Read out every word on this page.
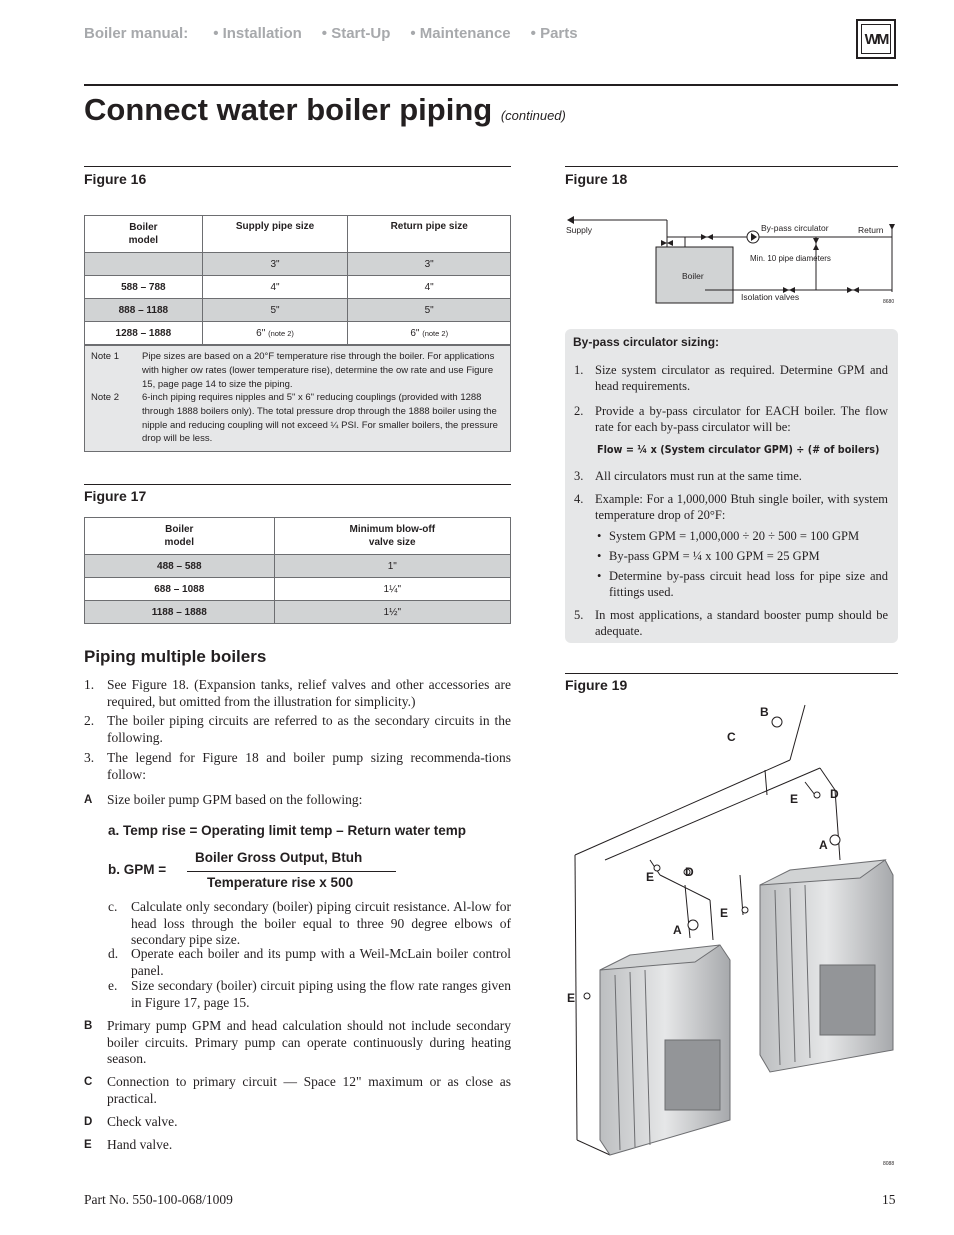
Boiler manual: • Installation • Start-Up • Maintenance • Parts	WM
Connect water boiler piping (continued)
Figure 16
Boiler
model	Supply pipe size	Return pipe size
	3"	3"
588 – 788	4"	4"
888 – 1188	5"	5"
1288 – 1888	6" (note 2)	6" (note 2)
Note 1 Pipe sizes are based on a 20°F temperature rise through the boiler. For applications with higher ow rates (lower temperature rise), determine the ow rate and use Figure 15, page page 14 to size the piping.
Note 2 6-inch piping requires nipples and 5" x 6" reducing couplings (provided with 1288 through 1888 boilers only). The total pressure drop through the 1888 boiler using the nipple and reducing coupling will not exceed ¼ PSI. For smaller boilers, the pressure drop will be less.
Figure 17
Boiler
model	Minimum blow-off
valve size
488 – 588	1"
688 – 1088	1¼"
1188 – 1888	1½"
Piping multiple boilers
1. See Figure 18. (Expansion tanks, relief valves and other accessories are required, but omitted from the illustration for simplicity.)
2. The boiler piping circuits are referred to as the secondary circuits in the following.
3. The legend for Figure 18 and boiler pump sizing recommenda-tions follow:
A Size boiler pump GPM based on the following:
a. Temp rise = Operating limit temp – Return water temp
b. GPM =
Boiler Gross Output, Btuh
Temperature rise x 500
c. Calculate only secondary (boiler) piping circuit resistance. Al-low for head loss through the boiler equal to three 90 degree elbows of secondary pipe size.
d. Operate each boiler and its pump with a Weil-McLain boiler control panel.
e. Size secondary (boiler) circuit piping using the flow rate ranges given in Figure 17, page 15.
B Primary pump GPM and head calculation should not include secondary boiler circuits. Primary pump can operate continuously during heating season.
C Connection to primary circuit — Space 12" maximum or as close as practical.
D Check valve.
E Hand valve.
Figure 18
Supply	Return
By-pass circulator
Min. 10 pipe diameters
Boiler
Isolation valves	8680
By-pass circulator sizing:
1. Size system circulator as required. Determine GPM and head requirements.
2. Provide a by-pass circulator for EACH boiler. The flow rate for each by-pass circulator will be:
Flow = ¼ x (System circulator GPM) ÷ (# of boilers)
3. All circulators must run at the same time.
4. Example: For a 1,000,000 Btuh single boiler, with system temperature drop of 20°F:
• System GPM = 1,000,000 ÷ 20 ÷ 500 = 100 GPM
• By-pass GPM = ¼ x 100 GPM = 25 GPM
• Determine by-pass circuit head loss for pipe size and fittings used.
5. In most applications, a standard booster pump should be adequate.
Figure 19
B
C
E	D
A
E	D
E
A
E
8088
Part No. 550-100-068/1009	15
